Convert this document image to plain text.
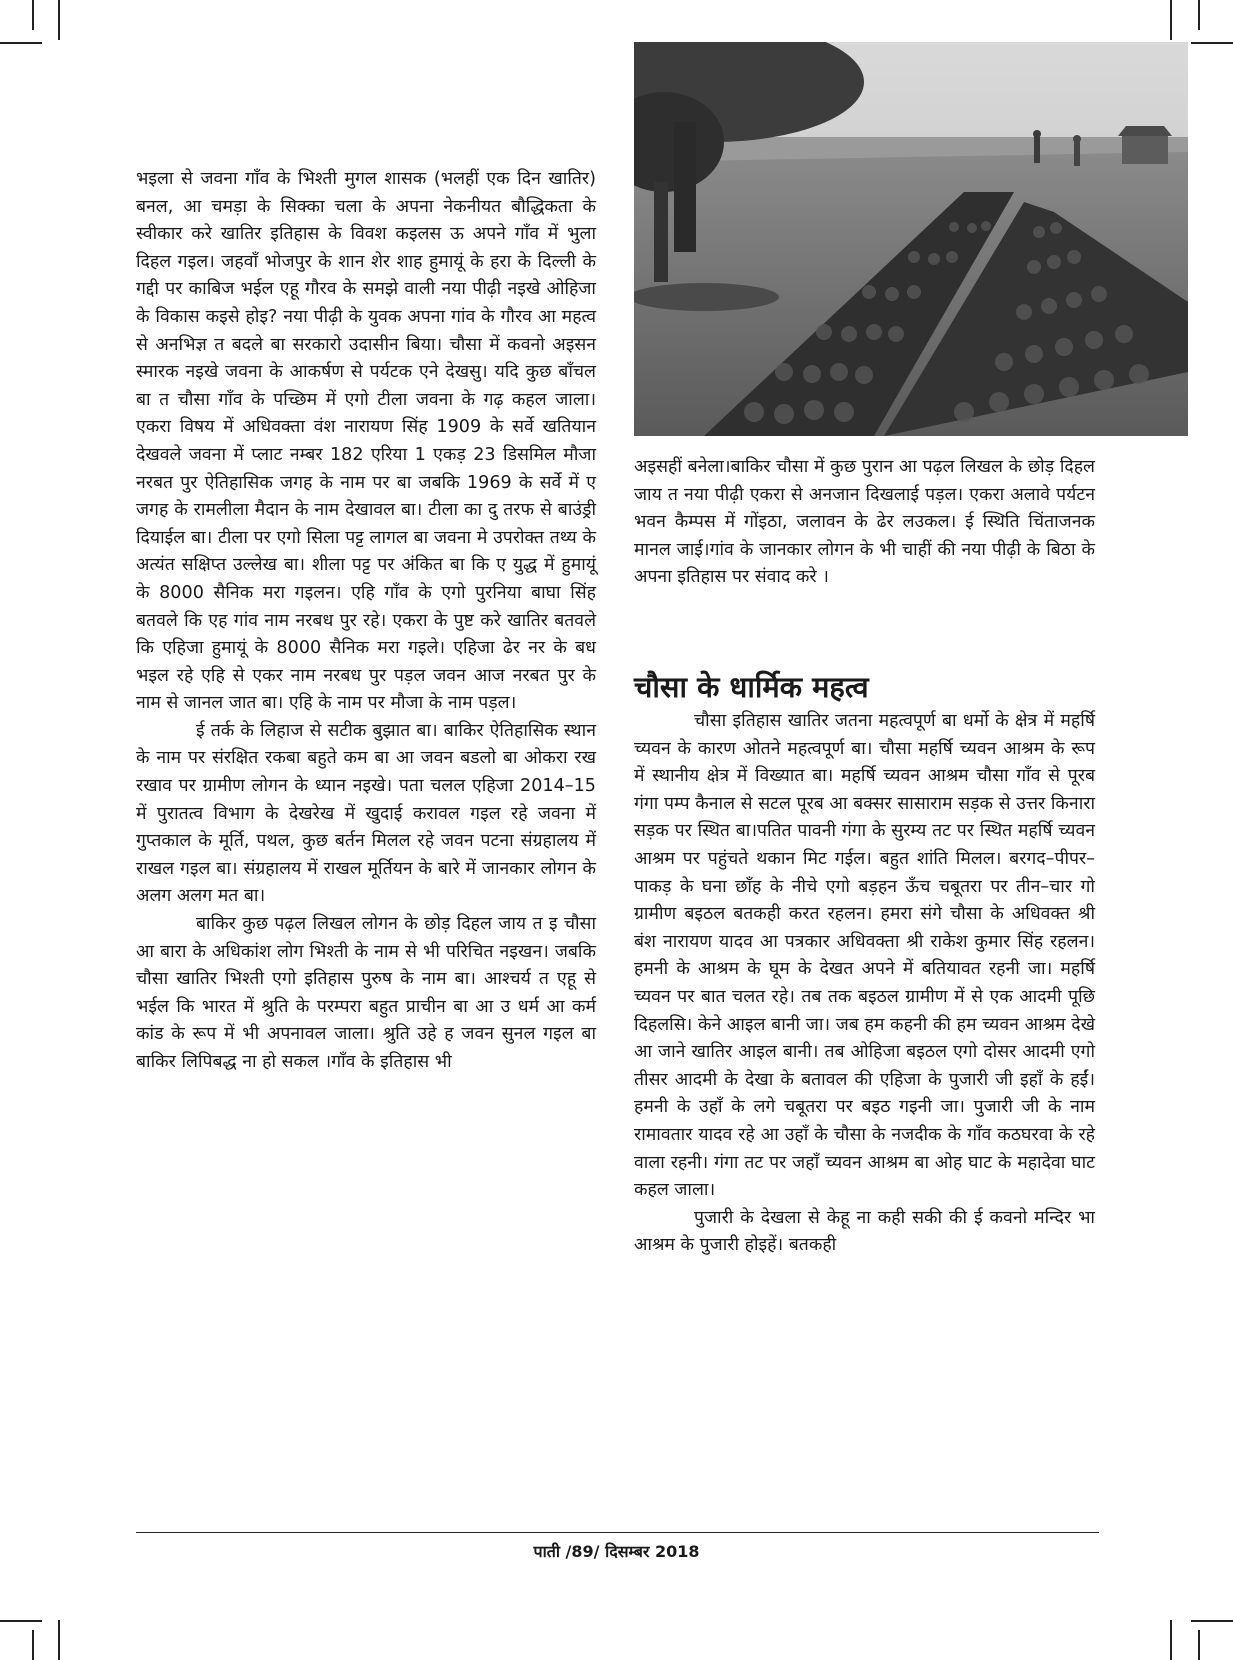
भइला से जवना गाँव के भिश्ती मुगल शासक (भलहीं एक दिन खातिर) बनल, आ चमड़ा के सिक्का चला के अपना नेकनीयत बौद्धिकता के स्वीकार करे खातिर इतिहास के विवश कइलस ऊ अपने गाँव में भुला दिहल गइल। जहवाँ भोजपुर के शान शेर शाह हुमायूं के हरा के दिल्ली के गद्दी पर काबिज भईल एहू गौरव के समझे वाली नया पीढ़ी नइखे ओहिजा के विकास कइसे होइ? नया पीढ़ी के युवक अपना गांव के गौरव आ महत्व से अनभिज्ञ त बदले बा सरकारो उदासीन बिया। चौसा में कवनो अइसन स्मारक नइखे जवना के आकर्षण से पर्यटक एने देखसु। यदि कुछ बाँचल बा त चौसा गाँव के पच्छिम में एगो टीला जवना के गढ़ कहल जाला। एकरा विषय में अधिवक्ता वंश नारायण सिंह 1909 के सर्वे खतियान देखवले जवना में प्लाट नम्बर 182 एरिया 1 एकड़ 23 डिसमिल मौजा नरबत पुर ऐतिहासिक जगह के नाम पर बा जबकि 1969 के सर्वे में ए जगह के रामलीला मैदान के नाम देखावल बा। टीला का दु तरफ से बाउंड्री दियाईल बा। टीला पर एगो सिला पट्ट लागल बा जवना मे उपरोक्त तथ्य के अत्यंत सक्षिप्त उल्लेख बा। शीला पट्ट पर अंकित बा कि ए युद्ध में हुमायूं के 8000 सैनिक मरा गइलन। एहि गाँव के एगो पुरनिया बाघा सिंह बतवले कि एह गांव नाम नरबध पुर रहे। एकरा के पुष्ट करे खातिर बतवले कि एहिजा हुमायूं के 8000 सैनिक मरा गइले। एहिजा ढेर नर के बध भइल रहे एहि से एकर नाम नरबध पुर पड़ल जवन आज नरबत पुर के नाम से जानल जात बा। एहि के नाम पर मौजा के नाम पड़ल।

ई तर्क के लिहाज से सटीक बुझात बा। बाकिर ऐतिहासिक स्थान के नाम पर संरक्षित रकबा बहुते कम बा आ जवन बडलो बा ओकरा रख रखाव पर ग्रामीण लोगन के ध्यान नइखे। पता चलल एहिजा 2014–15 में पुरातत्व विभाग के देखरेख में खुदाई करावल गइल रहे जवना में गुप्तकाल के मूर्ति, पथल, कुछ बर्तन मिलल रहे जवन पटना संग्रहालय में राखल गइल बा। संग्रहालय में राखल मूर्तियन के बारे में जानकार लोगन के अलग अलग मत बा।

बाकिर कुछ पढ़ल लिखल लोगन के छोड़ दिहल जाय त इ चौसा आ बारा के अधिकांश लोग भिश्ती के नाम से भी परिचित नइखन। जबकि चौसा खातिर भिश्ती एगो इतिहास पुरुष के नाम बा। आश्चर्य त एहू से भईल कि भारत में श्रुति के परम्परा बहुत प्राचीन बा आ उ धर्म आ कर्म कांड के रूप में भी अपनावल जाला। श्रुति उहे ह जवन सुनल गइल बा बाकिर लिपिबद्ध ना हो सकल ।गाँव के इतिहास भी

अइसहीं बनेला।बाकिर चौसा में कुछ पुरान आ पढ़ल लिखल के छोड़ दिहल जाय त नया पीढ़ी एकरा से अनजान दिखलाई पड़ल। एकरा अलावे पर्यटन भवन कैम्पस में गोंइठा, जलावन के ढेर लउकल। ई स्थिति चिंताजनक मानल जाई।गांव के जानकार लोगन के भी चाहीं की नया पीढ़ी के बिठा के अपना इतिहास पर संवाद करे ।

चौसा के धार्मिक महत्व

चौसा इतिहास खातिर जतना महत्वपूर्ण बा धर्मो के क्षेत्र में महर्षि च्यवन के कारण ओतने महत्वपूर्ण बा। चौसा महर्षि च्यवन आश्रम के रूप में स्थानीय क्षेत्र में विख्यात बा। महर्षि च्यवन आश्रम चौसा गाँव से पूरब गंगा पम्प कैनाल से सटल पूरब आ बक्सर सासाराम सड़क से उत्तर किनारा सड़क पर स्थित बा।पतित पावनी गंगा के सुरम्य तट पर स्थित महर्षि च्यवन आश्रम पर पहुंचते थकान मिट गईल। बहुत शांति मिलल। बरगद–पीपर–पाकड़ के घना छाँह के नीचे एगो बड़हन ऊँच चबूतरा पर तीन–चार गो ग्रामीण बइठल बतकही करत रहलन। हमरा संगे चौसा के अधिवक्त श्री बंश नारायण यादव आ पत्रकार अधिवक्ता श्री राकेश कुमार सिंह रहलन। हमनी के आश्रम के घूम के देखत अपने में बतियावत रहनी जा। महर्षि च्यवन पर बात चलत रहे। तब तक बइठल ग्रामीण में से एक आदमी पूछि दिहलसि। केने आइल बानी जा। जब हम कहनी की हम च्यवन आश्रम देखे आ जाने खातिर आइल बानी। तब ओहिजा बइठल एगो दोसर आदमी एगो तीसर आदमी के देखा के बतावल की एहिजा के पुजारी जी इहाँ के हईं। हमनी के उहाँ के लगे चबूतरा पर बइठ गइनी जा। पुजारी जी के नाम रामावतार यादव रहे आ उहाँ के चौसा के नजदीक के गाँव कठघरवा के रहे वाला रहनी। गंगा तट पर जहाँ च्यवन आश्रम बा ओह घाट के महादेवा घाट कहल जाला।

पुजारी के देखला से केहू ना कही सकी की ई कवनो मन्दिर भा आश्रम के पुजारी होइहें। बतकही

पाती /89/ दिसम्बर 2018
